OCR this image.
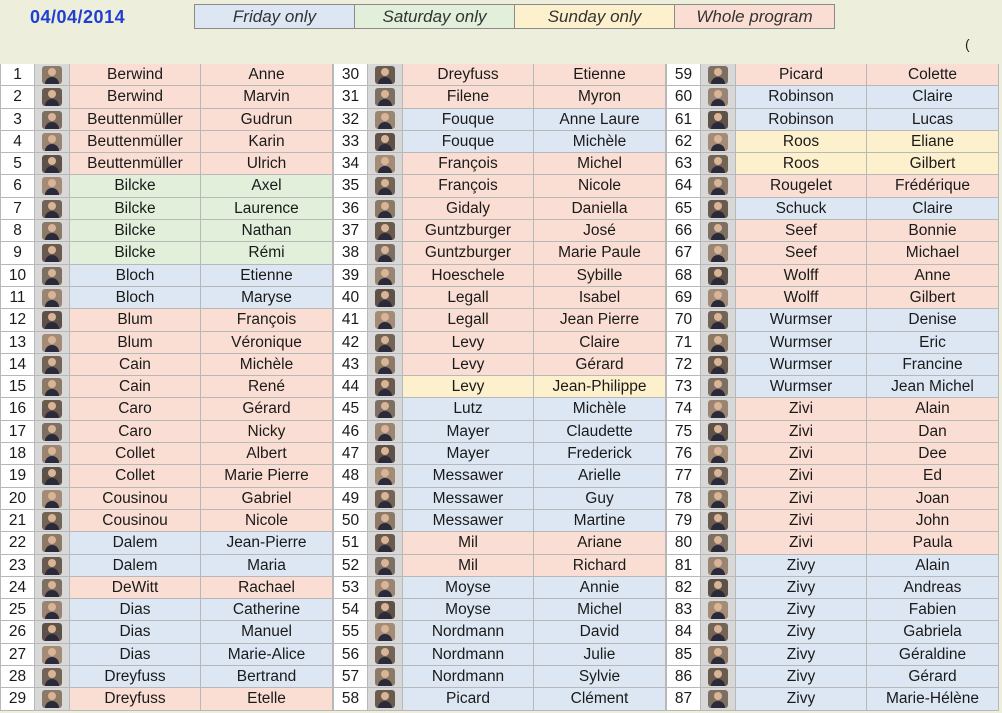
04/04/2014	Friday only	Saturday only	Sunday only	Whole program
(
1	Berwind	Anne
2	Berwind	Marvin
3	Beuttenmüller	Gudrun
4	Beuttenmüller	Karin
5	Beuttenmüller	Ulrich
6	Bilcke	Axel
7	Bilcke	Laurence
8	Bilcke	Nathan
9	Bilcke	Rémi
10	Bloch	Etienne
11	Bloch	Maryse
12	Blum	François
13	Blum	Véronique
14	Cain	Michèle
15	Cain	René
16	Caro	Gérard
17	Caro	Nicky
18	Collet	Albert
19	Collet	Marie Pierre
20	Cousinou	Gabriel
21	Cousinou	Nicole
22	Dalem	Jean-Pierre
23	Dalem	Maria
24	DeWitt	Rachael
25	Dias	Catherine
26	Dias	Manuel
27	Dias	Marie-Alice
28	Dreyfuss	Bertrand
29	Dreyfuss	Etelle
30	Dreyfuss	Etienne
31	Filene	Myron
32	Fouque	Anne Laure
33	Fouque	Michèle
34	François	Michel
35	François	Nicole
36	Gidaly	Daniella
37	Guntzburger	José
38	Guntzburger	Marie Paule
39	Hoeschele	Sybille
40	Legall	Isabel
41	Legall	Jean Pierre
42	Levy	Claire
43	Levy	Gérard
44	Levy	Jean-Philippe
45	Lutz	Michèle
46	Mayer	Claudette
47	Mayer	Frederick
48	Messawer	Arielle
49	Messawer	Guy
50	Messawer	Martine
51	Mil	Ariane
52	Mil	Richard
53	Moyse	Annie
54	Moyse	Michel
55	Nordmann	David
56	Nordmann	Julie
57	Nordmann	Sylvie
58	Picard	Clément
59	Picard	Colette
60	Robinson	Claire
61	Robinson	Lucas
62	Roos	Eliane
63	Roos	Gilbert
64	Rougelet	Frédérique
65	Schuck	Claire
66	Seef	Bonnie
67	Seef	Michael
68	Wolff	Anne
69	Wolff	Gilbert
70	Wurmser	Denise
71	Wurmser	Eric
72	Wurmser	Francine
73	Wurmser	Jean Michel
74	Zivi	Alain
75	Zivi	Dan
76	Zivi	Dee
77	Zivi	Ed
78	Zivi	Joan
79	Zivi	John
80	Zivi	Paula
81	Zivy	Alain
82	Zivy	Andreas
83	Zivy	Fabien
84	Zivy	Gabriela
85	Zivy	Géraldine
86	Zivy	Gérard
87	Zivy	Marie-Hélène
